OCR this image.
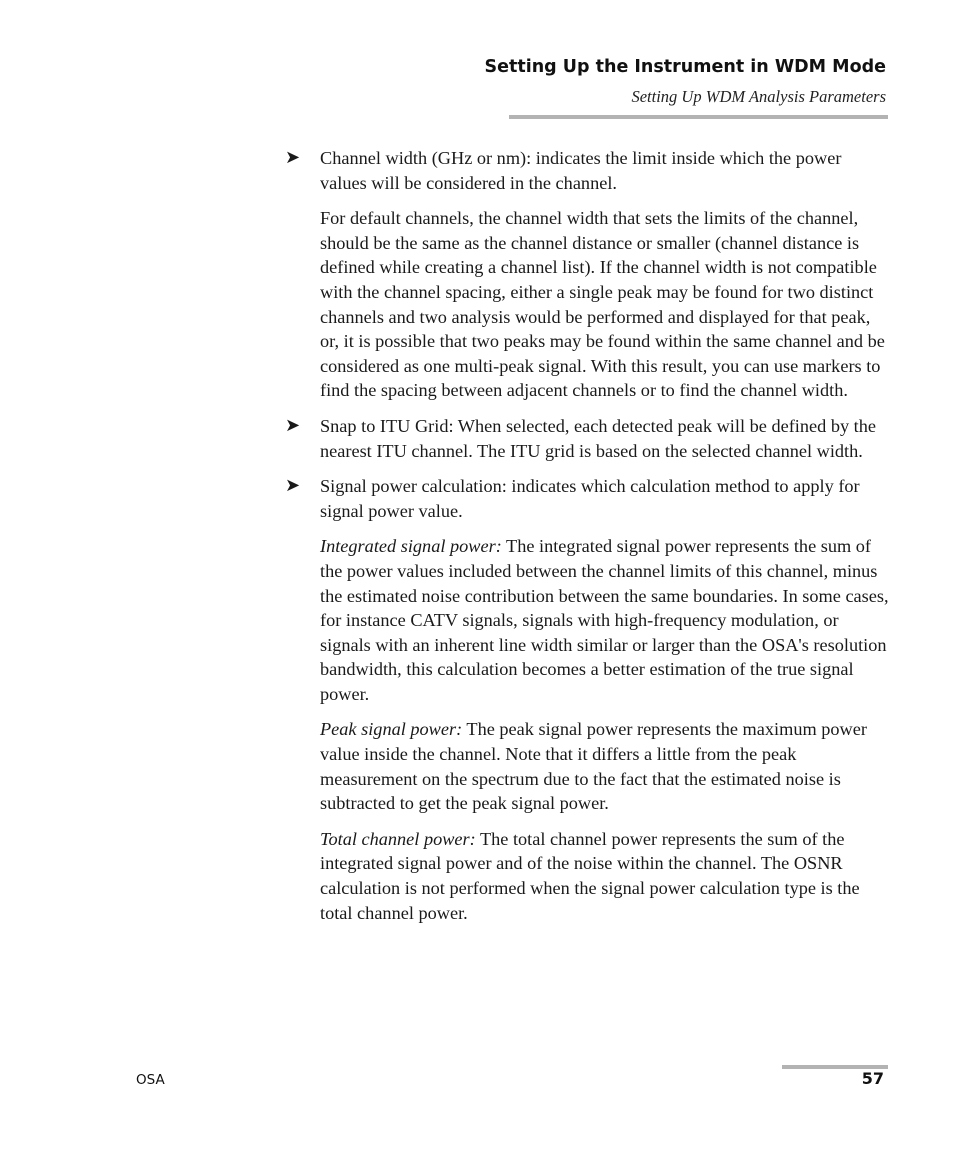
Setting Up the Instrument in WDM Mode
Setting Up WDM Analysis Parameters
➤ Channel width (GHz or nm): indicates the limit inside which the power values will be considered in the channel.

For default channels, the channel width that sets the limits of the channel, should be the same as the channel distance or smaller (channel distance is defined while creating a channel list). If the channel width is not compatible with the channel spacing, either a single peak may be found for two distinct channels and two analysis would be performed and displayed for that peak, or, it is possible that two peaks may be found within the same channel and be considered as one multi-peak signal. With this result, you can use markers to find the spacing between adjacent channels or to find the channel width.

➤ Snap to ITU Grid: When selected, each detected peak will be defined by the nearest ITU channel. The ITU grid is based on the selected channel width.
➤ Signal power calculation: indicates which calculation method to apply for signal power value.

Integrated signal power: The integrated signal power represents the sum of the power values included between the channel limits of this channel, minus the estimated noise contribution between the same boundaries. In some cases, for instance CATV signals, signals with high-frequency modulation, or signals with an inherent line width similar or larger than the OSA's resolution bandwidth, this calculation becomes a better estimation of the true signal power.

Peak signal power: The peak signal power represents the maximum power value inside the channel. Note that it differs a little from the peak measurement on the spectrum due to the fact that the estimated noise is subtracted to get the peak signal power.

Total channel power: The total channel power represents the sum of the integrated signal power and of the noise within the channel. The OSNR calculation is not performed when the signal power calculation type is the total channel power.

OSA	57
